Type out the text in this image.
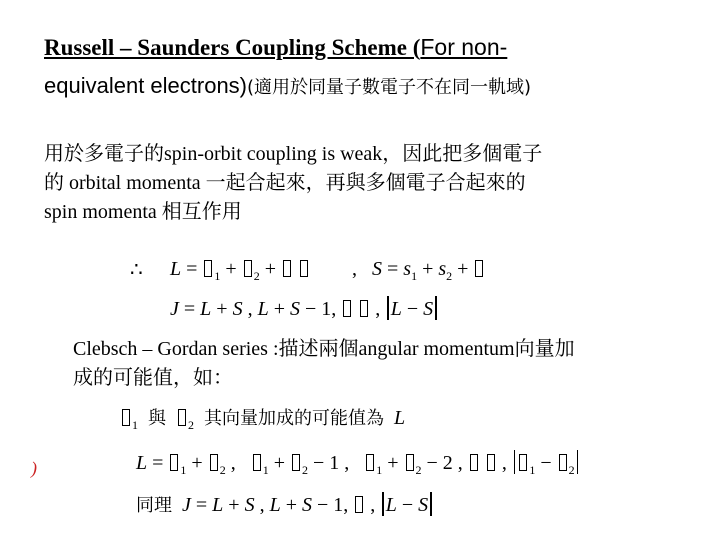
Russell – Saunders Coupling Scheme (For non-
equivalent electrons)(適用於同量子數電子不在同一軌域)
用於多電子的spin-orbit coupling is weak，因此把多個電子
的 orbital momenta 一起合起來，再與多個電子合起來的
spin momenta 相互作用
∴ L = $_1$ + $_2$ +	,   $S = s_1 + s_2$ +
J = L + S , L + S − 1,   , L − S
Clebsch – Gordan series :描述兩個angular momentum向量加
成的可能值，如：
$_1$ 與 $_2$ 其向量加成的可能值為 L
)	L = $_1$ + $_2$ ,   $_1$ + $_2$ − 1 ,   $_1$ + $_2$ − 2 ,   , $_1$ − $_2$
同理 J = L + S , L + S − 1,  , L − S
